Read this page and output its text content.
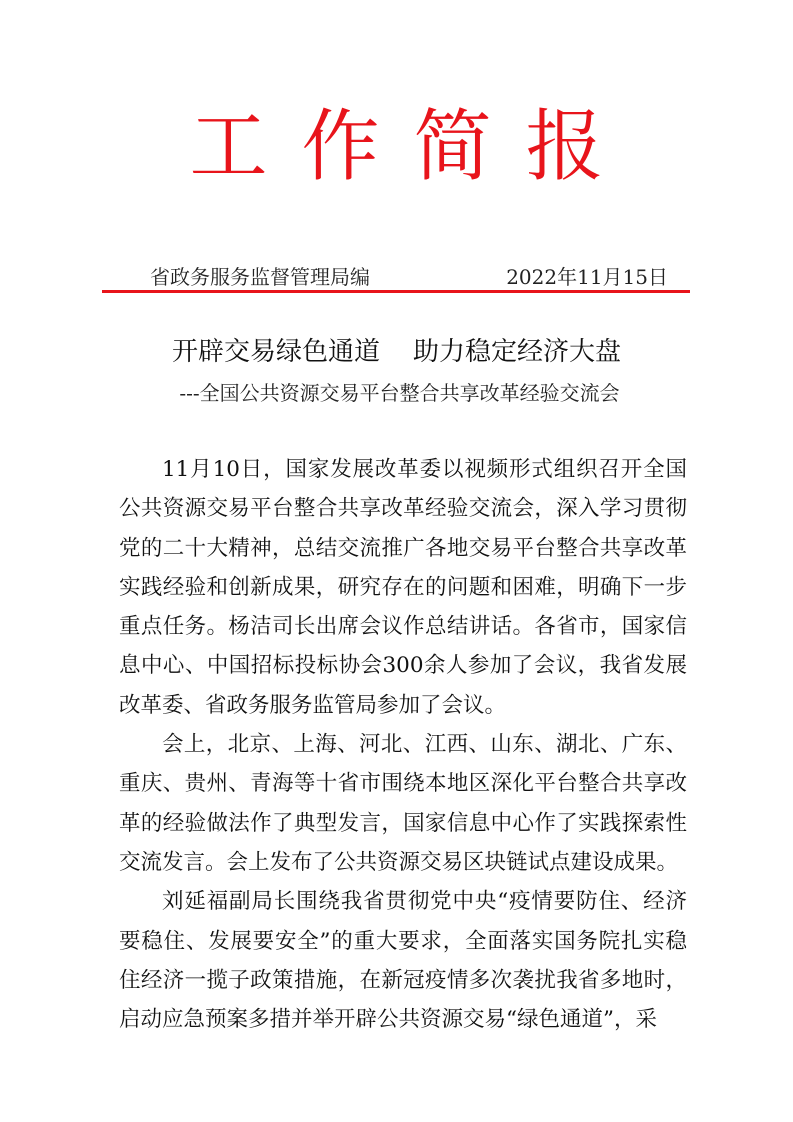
工作简报
省政务服务监督管理局编	2022年11月15日
开辟交易绿色通道    助力稳定经济大盘
---全国公共资源交易平台整合共享改革经验交流会

11月10日，国家发展改革委以视频形式组织召开全国公共资源交易平台整合共享改革经验交流会，深入学习贯彻党的二十大精神，总结交流推广各地交易平台整合共享改革实践经验和创新成果，研究存在的问题和困难，明确下一步重点任务。杨洁司长出席会议作总结讲话。各省市，国家信息中心、中国招标投标协会300余人参加了会议，我省发展改革委、省政务服务监管局参加了会议。

会上，北京、上海、河北、江西、山东、湖北、广东、重庆、贵州、青海等十省市围绕本地区深化平台整合共享改革的经验做法作了典型发言，国家信息中心作了实践探索性交流发言。会上发布了公共资源交易区块链试点建设成果。

刘延福副局长围绕我省贯彻党中央“疫情要防住、经济要稳住、发展要安全”的重大要求，全面落实国务院扎实稳住经济一揽子政策措施，在新冠疫情多次袭扰我省多地时，启动应急预案多措并举开辟公共资源交易“绿色通道”，采
